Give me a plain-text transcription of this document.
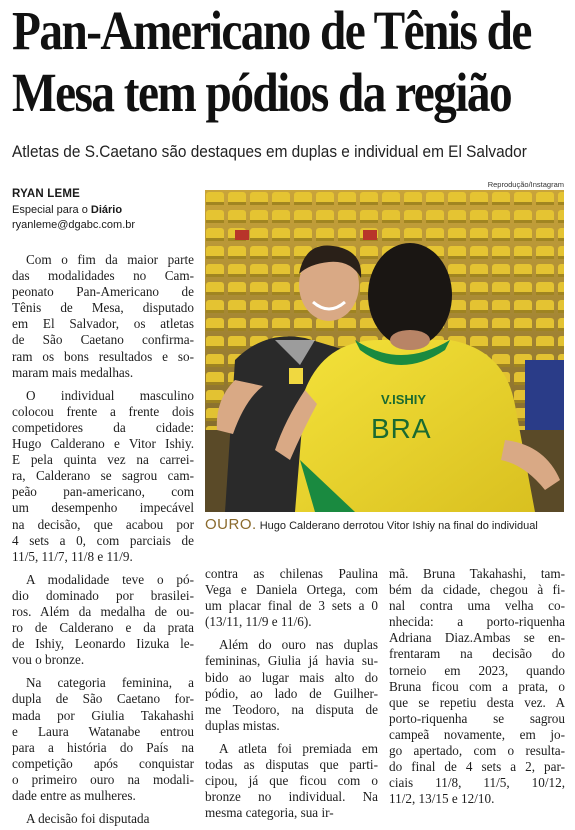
Pan-Americano de Tênis de
Mesa tem pódios da região
Atletas de S.Caetano são destaques em duplas e individual em El Salvador
RYAN LEME
Especial para o Diário
ryanleme@dgabc.com.br
Reprodução/Instagram
V.ISHIY
BRA
OURO. Hugo Calderano derrotou Vitor Ishiy na final do individual
Com o fim da maior parte
das modalidades no Cam-
peonato Pan-Americano de
Tênis de Mesa, disputado
em El Salvador, os atletas
de São Caetano confirma-
ram os bons resultados e so-
maram mais medalhas.
O individual masculino
colocou frente a frente dois
competidores da cidade:
Hugo Calderano e Vitor Ishiy.
E pela quinta vez na carrei-
ra, Calderano se sagrou cam-
peão pan-americano, com
um desempenho impecável
na decisão, que acabou por
4 sets a 0, com parciais de
11/5, 11/7, 11/8 e 11/9.
A modalidade teve o pó-
dio dominado por brasilei-
ros. Além da medalha de ou-
ro de Calderano e da prata
de Ishiy, Leonardo Iizuka le-
vou o bronze.
Na categoria feminina, a
dupla de São Caetano for-
mada por Giulia Takahashi
e Laura Watanabe entrou
para a história do País na
competição após conquistar
o primeiro ouro na modali-
dade entre as mulheres.
A decisão foi disputada
contra as chilenas Paulina
Vega e Daniela Ortega, com
um placar final de 3 sets a 0
(13/11, 11/9 e 11/6).
Além do ouro nas duplas
femininas, Giulia já havia su-
bido ao lugar mais alto do
pódio, ao lado de Guilher-
me Teodoro, na disputa de
duplas mistas.
A atleta foi premiada em
todas as disputas que parti-
cipou, já que ficou com o
bronze no individual. Na
mesma categoria, sua ir-
mã. Bruna Takahashi, tam-
bém da cidade, chegou à fi-
nal contra uma velha co-
nhecida: a porto-riquenha
Adriana Diaz.Ambas se en-
frentaram na decisão do
torneio em 2023, quando
Bruna ficou com a prata, o
que se repetiu desta vez. A
porto-riquenha se sagrou
campeã novamente, em jo-
go apertado, com o resulta-
do final de 4 sets a 2, par-
ciais 11/8, 11/5, 10/12,
11/2, 13/15 e 12/10.
